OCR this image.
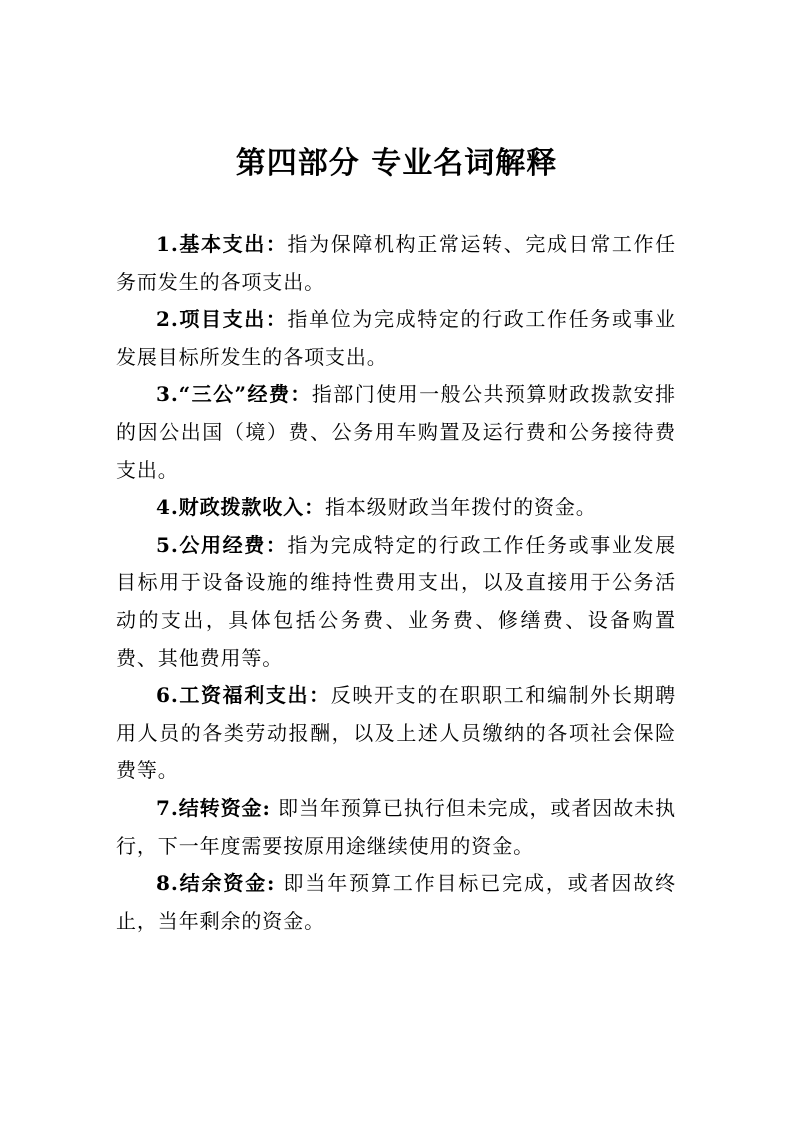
第四部分 专业名词解释

1.基本支出：指为保障机构正常运转、完成日常工作任务而发生的各项支出。

2.项目支出：指单位为完成特定的行政工作任务或事业发展目标所发生的各项支出。

3.“三公”经费：指部门使用一般公共预算财政拨款安排的因公出国（境）费、公务用车购置及运行费和公务接待费支出。

4.财政拨款收入：指本级财政当年拨付的资金。

5.公用经费：指为完成特定的行政工作任务或事业发展目标用于设备设施的维持性费用支出，以及直接用于公务活动的支出，具体包括公务费、业务费、修缮费、设备购置费、其他费用等。

6.工资福利支出：反映开支的在职职工和编制外长期聘用人员的各类劳动报酬，以及上述人员缴纳的各项社会保险费等。

7.结转资金: 即当年预算已执行但未完成，或者因故未执行，下一年度需要按原用途继续使用的资金。

8.结余资金: 即当年预算工作目标已完成，或者因故终止，当年剩余的资金。
